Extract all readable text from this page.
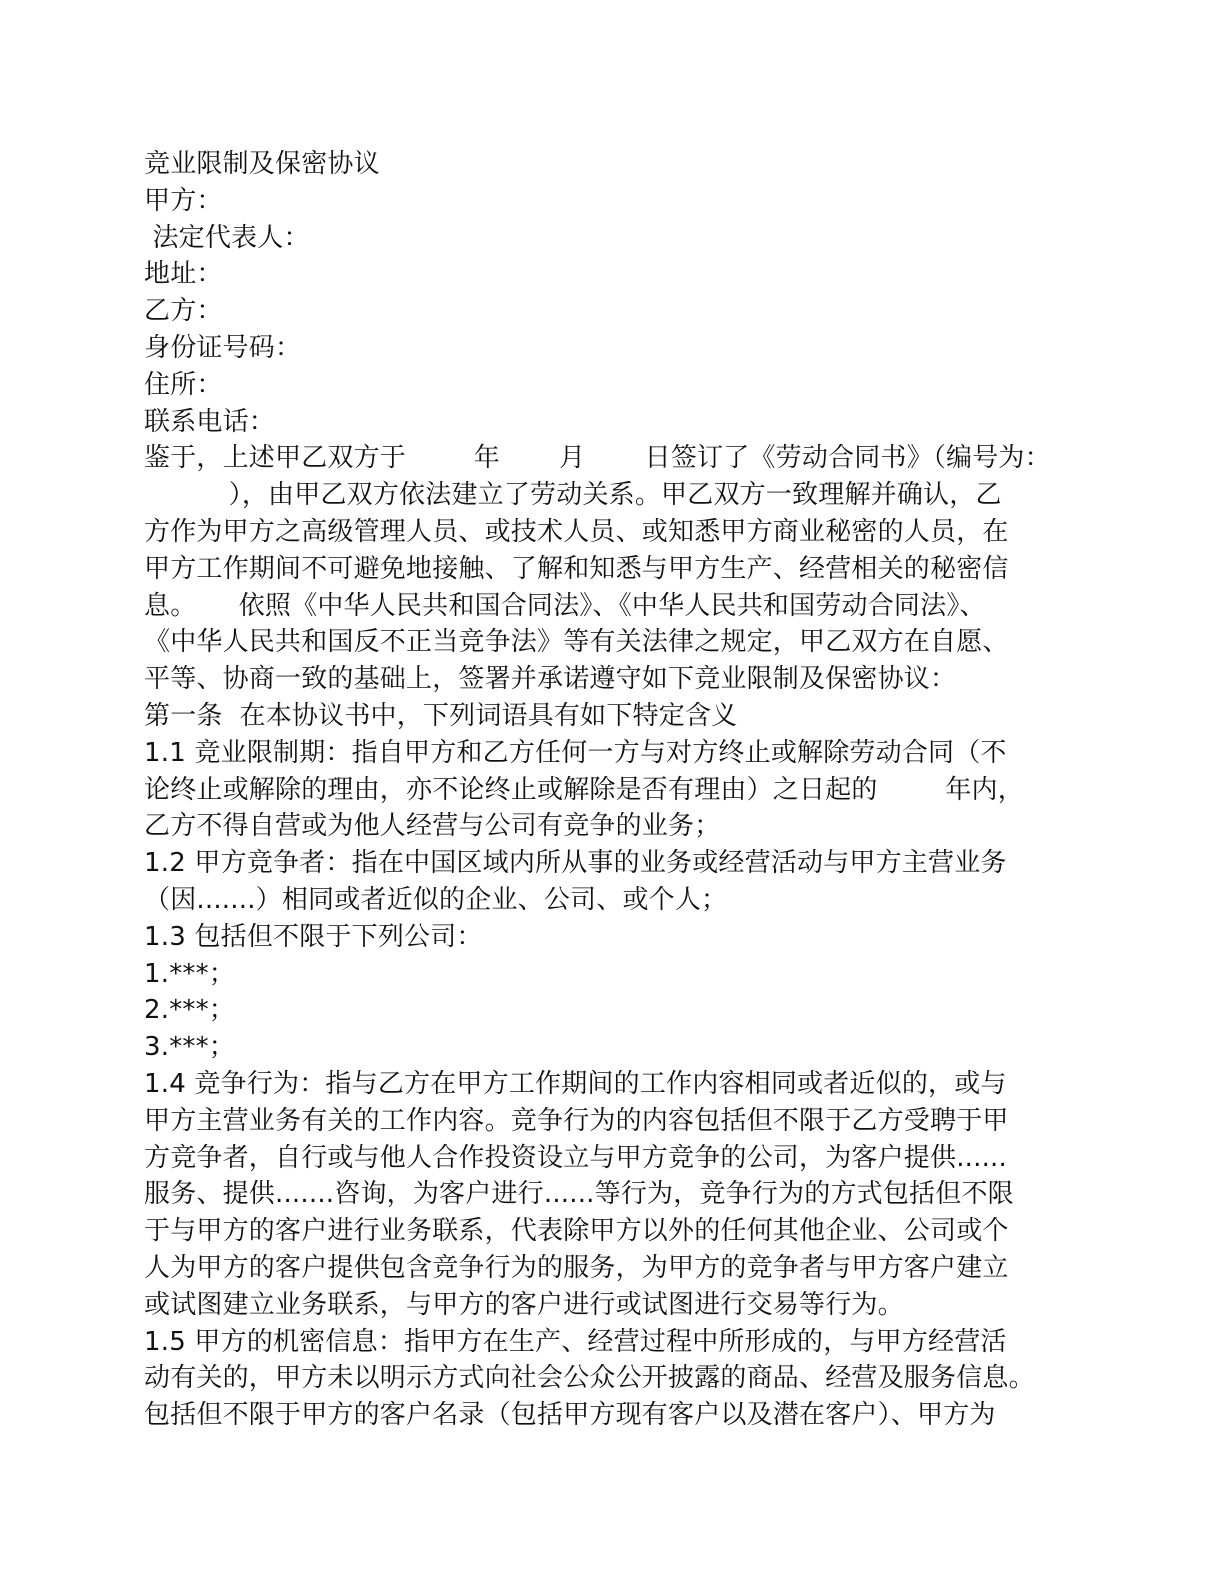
竞业限制及保密协议
甲方：
法定代表人：
地址：
乙方：
身份证号码：
住所：
联系电话：
鉴于，上述甲乙双方于        年       月       日签订了《劳动合同书》（编号为：
），由甲乙双方依法建立了劳动关系。甲乙双方一致理解并确认，乙
方作为甲方之高级管理人员、或技术人员、或知悉甲方商业秘密的人员，在
甲方工作期间不可避免地接触、了解和知悉与甲方生产、经营相关的秘密信
息。     依照《中华人民共和国合同法》、《中华人民共和国劳动合同法》、
《中华人民共和国反不正当竞争法》等有关法律之规定，甲乙双方在自愿、
平等、协商一致的基础上，签署并承诺遵守如下竞业限制及保密协议：
第一条  在本协议书中，下列词语具有如下特定含义
1.1 竞业限制期：指自甲方和乙方任何一方与对方终止或解除劳动合同（不
论终止或解除的理由，亦不论终止或解除是否有理由）之日起的        年内，
乙方不得自营或为他人经营与公司有竞争的业务；
1.2 甲方竞争者：指在中国区域内所从事的业务或经营活动与甲方主营业务
（因.......）相同或者近似的企业、公司、或个人；
1.3 包括但不限于下列公司：
1.***；
2.***；
3.***；
1.4 竞争行为：指与乙方在甲方工作期间的工作内容相同或者近似的，或与
甲方主营业务有关的工作内容。竞争行为的内容包括但不限于乙方受聘于甲
方竞争者，自行或与他人合作投资设立与甲方竞争的公司，为客户提供......
服务、提供.......咨询，为客户进行......等行为，竞争行为的方式包括但不限
于与甲方的客户进行业务联系，代表除甲方以外的任何其他企业、公司或个
人为甲方的客户提供包含竞争行为的服务，为甲方的竞争者与甲方客户建立
或试图建立业务联系，与甲方的客户进行或试图进行交易等行为。
1.5 甲方的机密信息：指甲方在生产、经营过程中所形成的，与甲方经营活
动有关的，甲方未以明示方式向社会公众公开披露的商品、经营及服务信息。
包括但不限于甲方的客户名录（包括甲方现有客户以及潜在客户）、甲方为
